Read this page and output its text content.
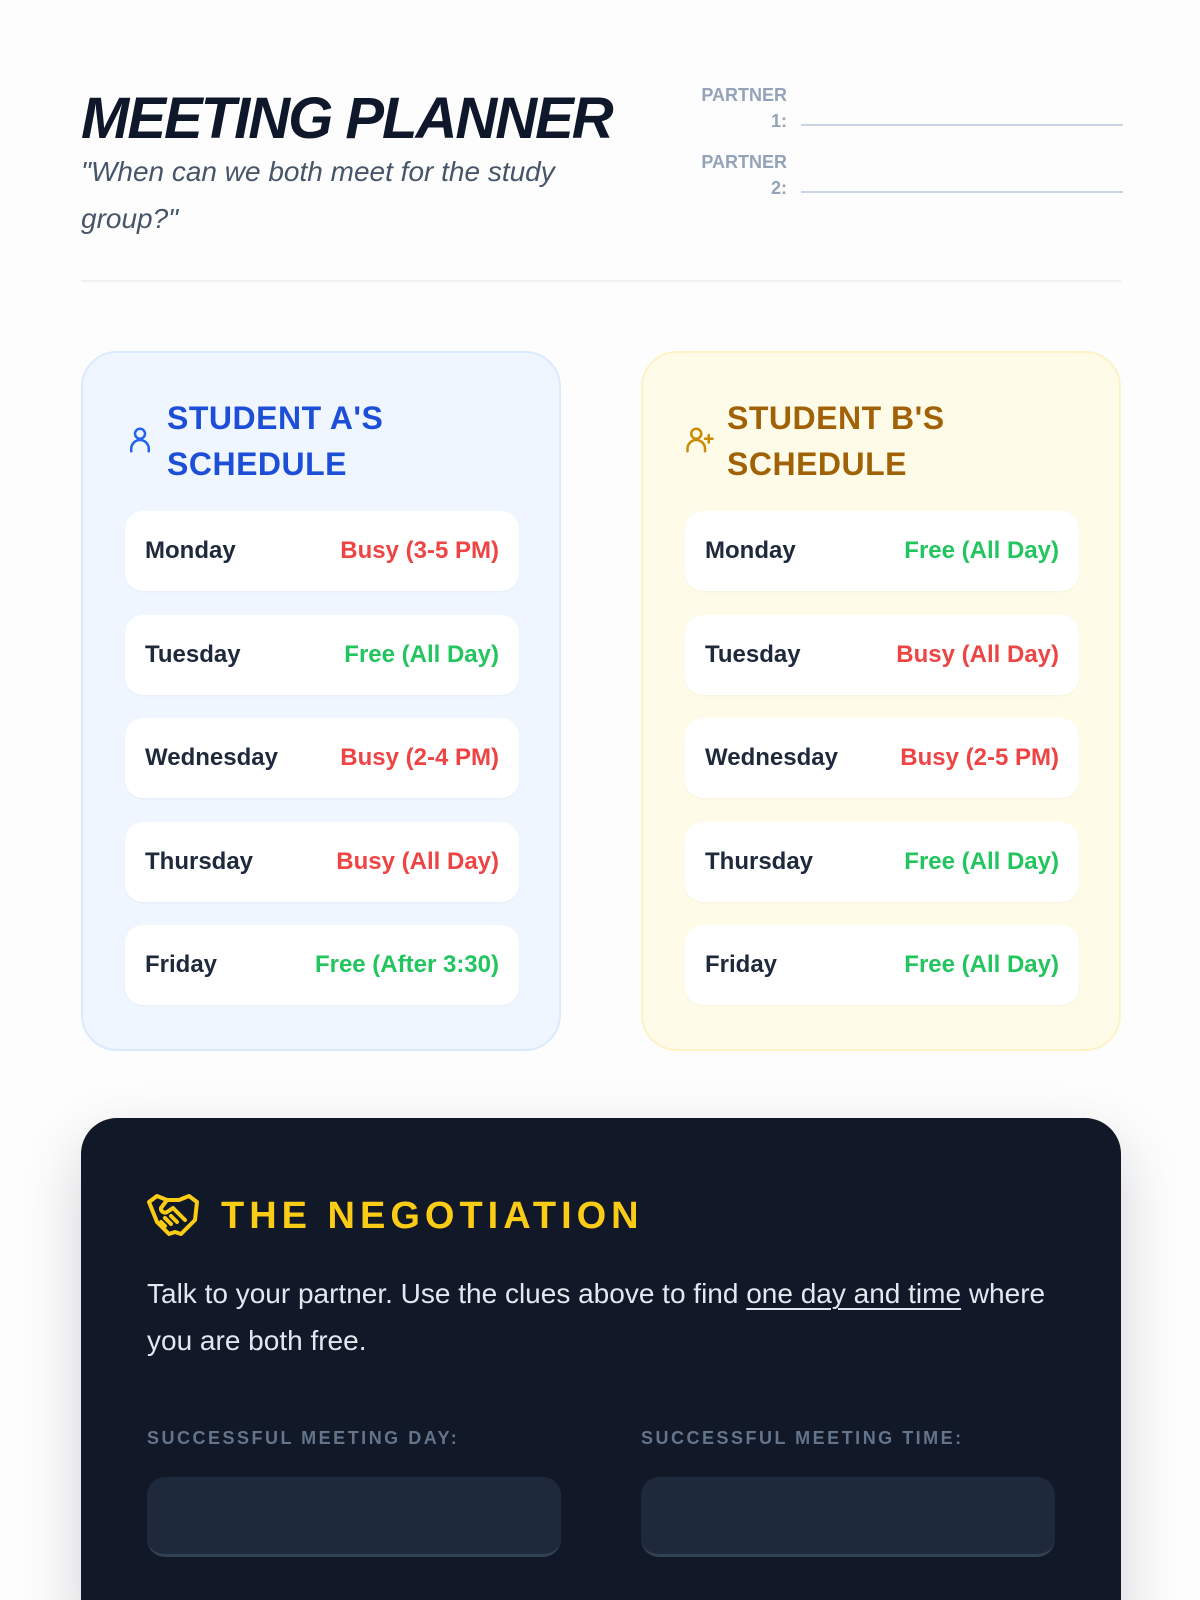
MEETING PLANNER
"When can we both meet for the study group?"
PARTNER 1:
PARTNER 2:
STUDENT A'S SCHEDULE
Monday	Busy (3-5 PM)
Tuesday	Free (All Day)
Wednesday	Busy (2-4 PM)
Thursday	Busy (All Day)
Friday	Free (After 3:30)
STUDENT B'S SCHEDULE
Monday	Free (All Day)
Tuesday	Busy (All Day)
Wednesday	Busy (2-5 PM)
Thursday	Free (All Day)
Friday	Free (All Day)
THE NEGOTIATION

Talk to your partner. Use the clues above to find one day and time where you are both free.

SUCCESSFUL MEETING DAY:	SUCCESSFUL MEETING TIME:
